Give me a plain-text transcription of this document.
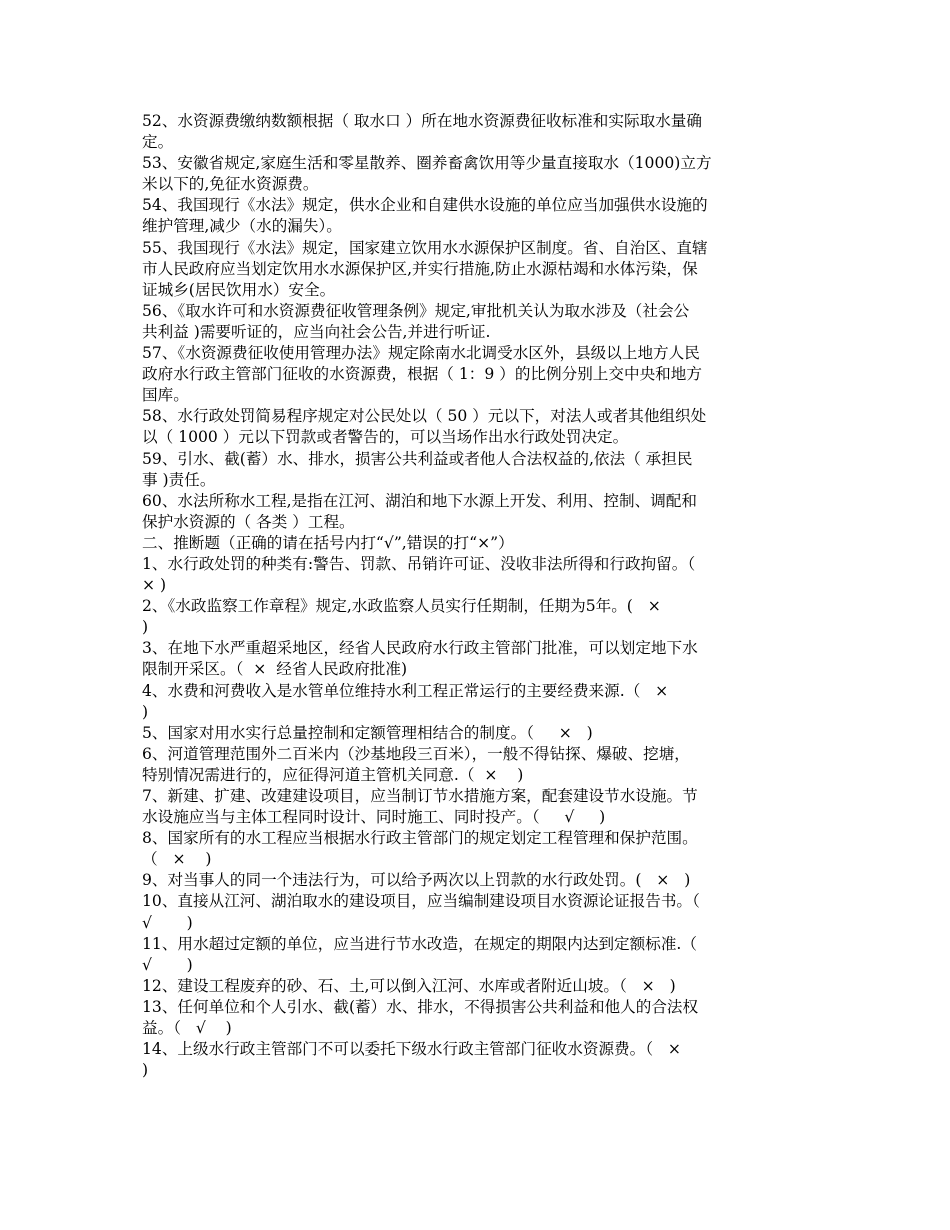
52、水资源费缴纳数额根据（ 取水口 ）所在地水资源费征收标准和实际取水量确
定。
53、安徽省规定,家庭生活和零星散养、圈养畜禽饮用等少量直接取水（1000)立方
米以下的,免征水资源费。
54、我国现行《水法》规定，供水企业和自建供水设施的单位应当加强供水设施的
维护管理,减少（水的漏失）。
55、我国现行《水法》规定，国家建立饮用水水源保护区制度。省、自治区、直辖
市人民政府应当划定饮用水水源保护区,并实行措施,防止水源枯竭和水体污染，保
证城乡(居民饮用水）安全。
56、《取水许可和水资源费征收管理条例》规定,审批机关认为取水涉及（社会公
共利益 )需要听证的，应当向社会公告,并进行听证.
57、《水资源费征收使用管理办法》规定除南水北调受水区外，县级以上地方人民
政府水行政主管部门征收的水资源费，根据（ 1：9 ）的比例分别上交中央和地方
国库。
58、水行政处罚简易程序规定对公民处以（ 50 ）元以下，对法人或者其他组织处
以（ 1000 ）元以下罚款或者警告的，可以当场作出水行政处罚决定。
59、引水、截(蓄）水、排水，损害公共利益或者他人合法权益的,依法（ 承担民
事 )责任。
60、水法所称水工程,是指在江河、湖泊和地下水源上开发、利用、控制、调配和
保护水资源的（ 各类 ）工程。
二、推断题（正确的请在括号内打“√”,错误的打“×”）
1、水行政处罚的种类有:警告、罚款、吊销许可证、没收非法所得和行政拘留。（
× )
2、《水政监察工作章程》规定,水政监察人员实行任期制，任期为5年。(   ×
)
3、在地下水严重超采地区，经省人民政府水行政主管部门批准，可以划定地下水
限制开采区。（  ×  经省人民政府批准)
4、水费和河费收入是水管单位维持水利工程正常运行的主要经费来源.（   ×
)
5、国家对用水实行总量控制和定额管理相结合的制度。（     ×   )
6、河道管理范围外二百米内（沙基地段三百米），一般不得钻探、爆破、挖塘，
特别情况需进行的，应征得河道主管机关同意.（  ×    )
7、新建、扩建、改建建设项目，应当制订节水措施方案，配套建设节水设施。节
水设施应当与主体工程同时设计、同时施工、同时投产。（     √     )
8、国家所有的水工程应当根据水行政主管部门的规定划定工程管理和保护范围。
（   ×    )
9、对当事人的同一个违法行为，可以给予两次以上罚款的水行政处罚。(   ×   )
10、直接从江河、湖泊取水的建设项目，应当编制建设项目水资源论证报告书。（
√       )
11、用水超过定额的单位，应当进行节水改造，在规定的期限内达到定额标准.（
√       )
12、建设工程废弃的砂、石、土,可以倒入江河、水库或者附近山坡。（   ×   )
13、任何单位和个人引水、截(蓄）水、排水，不得损害公共利益和他人的合法权
益。（   √    )
14、上级水行政主管部门不可以委托下级水行政主管部门征收水资源费。（   ×
)
